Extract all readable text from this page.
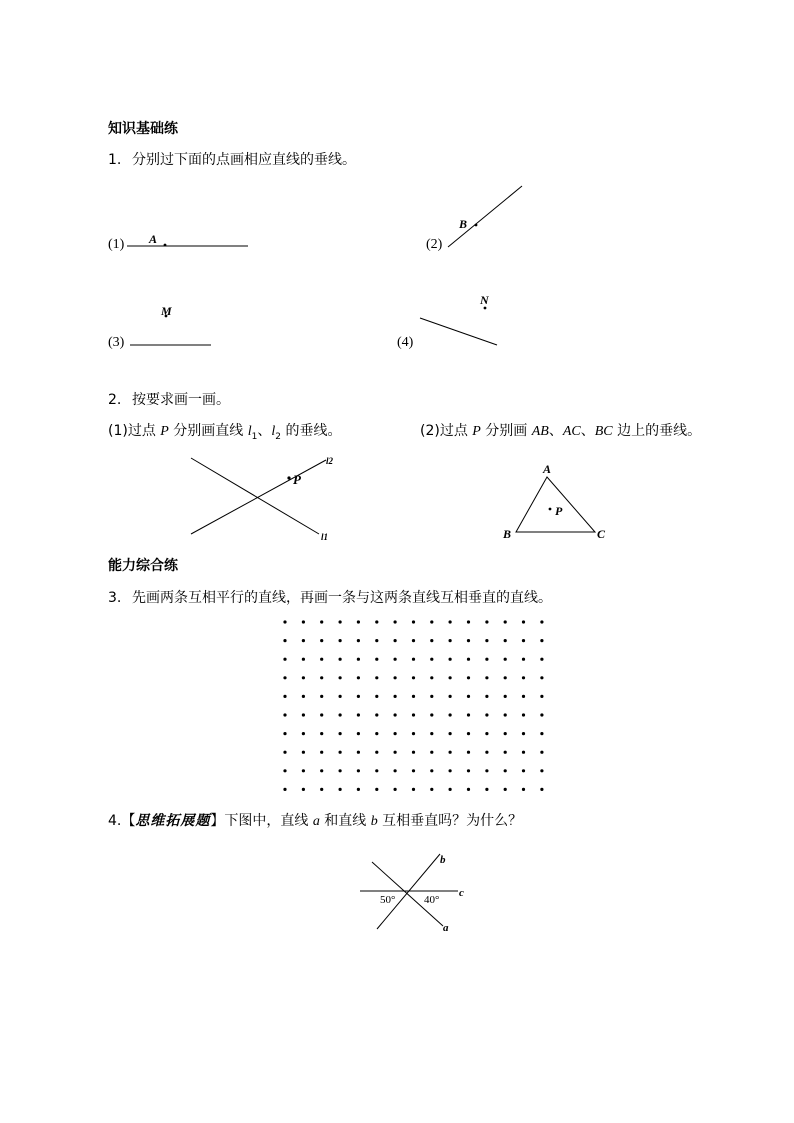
知识基础练
1. 分别过下面的点画相应直线的垂线。
(1) A	(2)
B
(3)
M
(4)
N
2. 按要求画一画。
(1)过点 P 分别画直线 $l_1$、$l_2$ 的垂线。	(2)过点 P 分别画 AB、AC、BC 边上的垂线。
P
l2
l1
A
B	C
P
能力综合练
3. 先画两条互相平行的直线，再画一条与这两条直线互相垂直的直线。
4.【思维拓展题】下图中，直线 a 和直线 b 互相垂直吗？为什么？
b
c
a
50°	40°
